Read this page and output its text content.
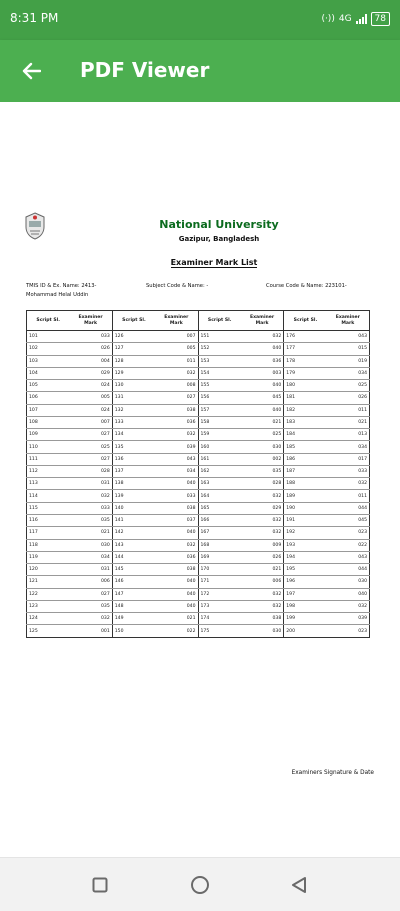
8:31 PM	(·)) 4G	78
PDF Viewer
National University
Gazipur, Bangladesh
Examiner Mark List
TMIS ID & Ex. Name: 2413-
Mohammad Helal Uddin
Subject Code & Name: -	Course Code & Name: 223101-
Script Sl.	Examiner Mark	Script Sl.	Examiner Mark	Script Sl.	Examiner Mark	Script Sl.	Examiner Mark
101	033	126	007	151	032	176	043
102	026	127	005	152	040	177	015
103	004	128	011	153	036	178	019
104	029	129	032	154	003	179	034
105	024	130	008	155	040	180	025
106	005	131	027	156	045	181	026
107	024	132	038	157	040	182	011
108	007	133	036	158	021	183	021
109	027	134	032	159	025	184	013
110	025	135	039	160	030	185	034
111	027	136	043	161	002	186	017
112	028	137	034	162	035	187	033
113	031	138	040	163	028	188	032
114	032	139	033	164	032	189	011
115	033	140	038	165	029	190	044
116	035	141	037	166	032	191	045
117	021	142	040	167	032	192	023
118	030	143	032	168	009	193	022
119	034	144	036	169	026	194	043
120	031	145	038	170	021	195	044
121	006	146	040	171	006	196	030
122	027	147	040	172	032	197	040
123	035	148	040	173	032	198	032
124	032	149	021	174	038	199	039
125	001	150	022	175	030	200	023
Examiners Signature & Date
